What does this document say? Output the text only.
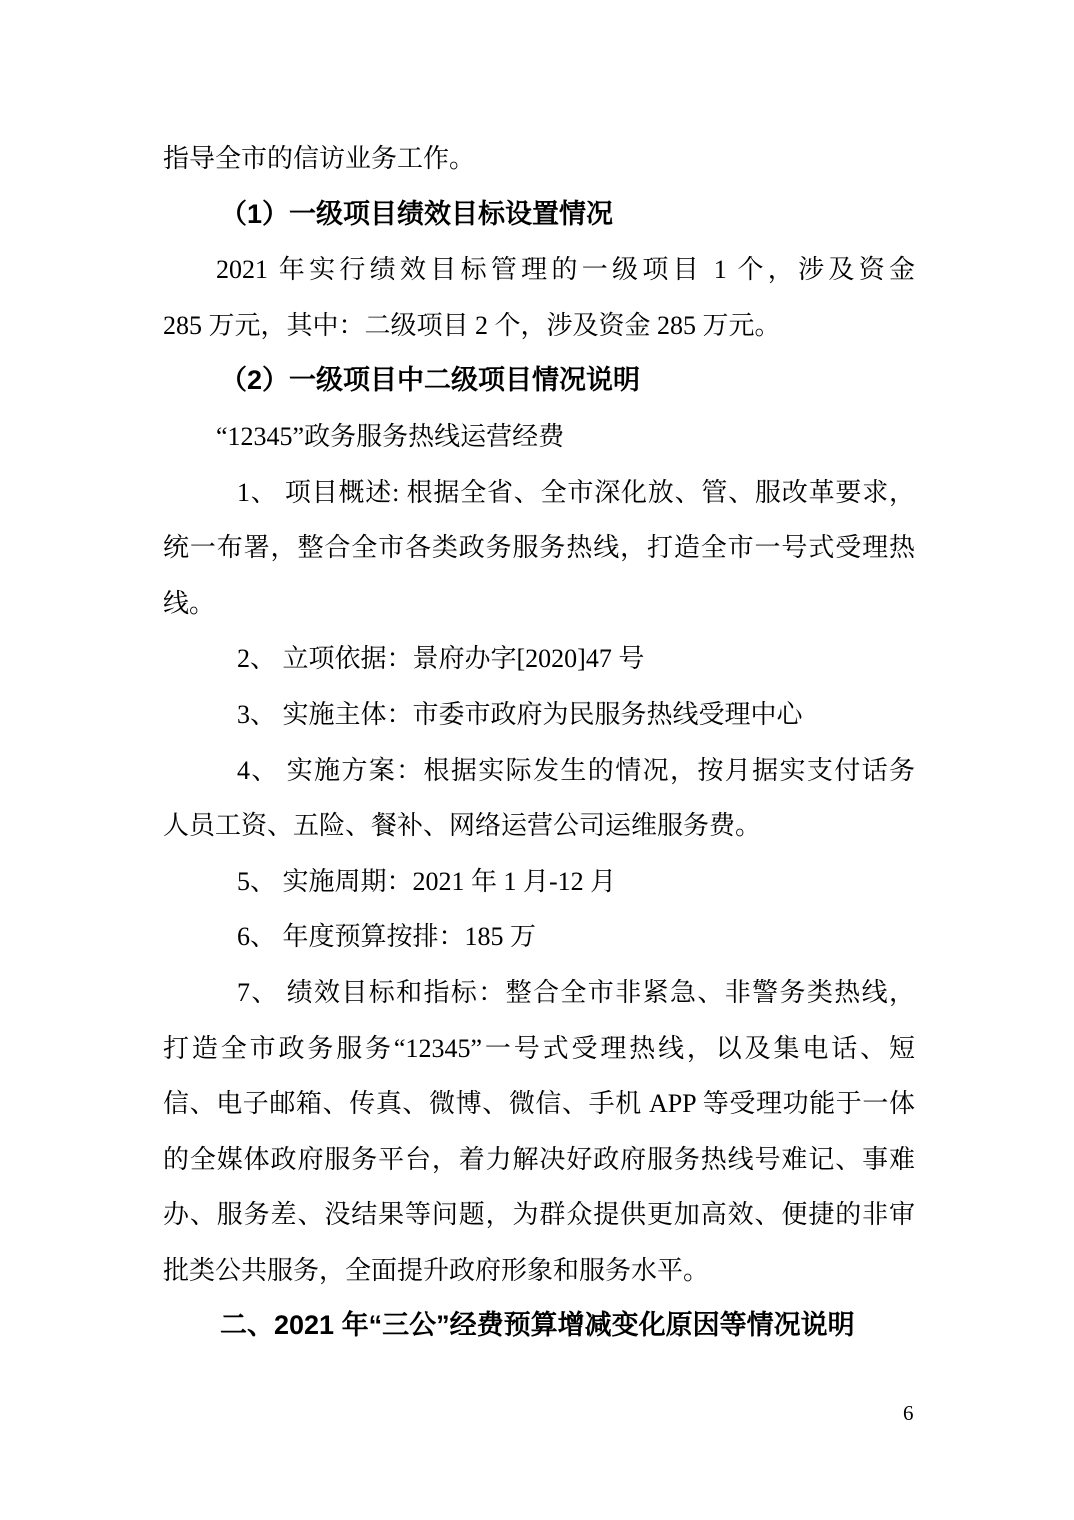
指导全市的信访业务工作。
（1）一级项目绩效目标设置情况
2021 年实行绩效目标管理的一级项目 1 个，涉及资金
285 万元，其中：二级项目 2 个，涉及资金 285 万元。
（2）一级项目中二级项目情况说明
“12345”政务服务热线运营经费
1、 项目概述: 根据全省、全市深化放、管、服改革要求，
统一布署，整合全市各类政务服务热线，打造全市一号式受理热
线。
2、 立项依据：景府办字[2020]47 号
3、 实施主体：市委市政府为民服务热线受理中心
4、 实施方案：根据实际发生的情况，按月据实支付话务
人员工资、五险、餐补、网络运营公司运维服务费。
5、 实施周期：2021 年 1 月-12 月
6、 年度预算按排：185 万
7、 绩效目标和指标：整合全市非紧急、非警务类热线，
打造全市政务服务“12345”一号式受理热线，以及集电话、短
信、电子邮箱、传真、微博、微信、手机 APP 等受理功能于一体
的全媒体政府服务平台，着力解决好政府服务热线号难记、事难
办、服务差、没结果等问题，为群众提供更加高效、便捷的非审
批类公共服务，全面提升政府形象和服务水平。
二、2021 年“三公”经费预算增减变化原因等情况说明
6
